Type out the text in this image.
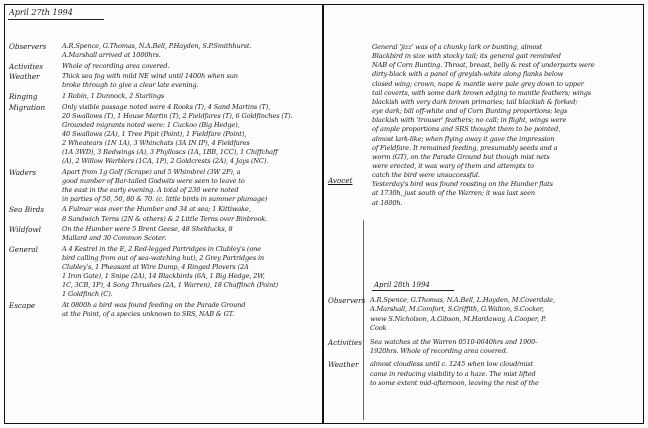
April 27th 1994
Observers A.R.Spence, G.Thomas, N.A.Bell, P.Hayden, S.P.Smithhurst.
A.Marshall arrived at 1000hrs.
Activities	Whole of recording area covered.
Weather	Thick sea fog with mild NE wind until 1400h when sun
broke through to give a clear late evening.
Ringing	1 Robin, 1 Dunnock, 2 Starlings
Migration	Only visible passage noted were 4 Rooks (T), 4 Sand Martins (T),
20 Swallows (T), 1 House Martin (T), 2 Fieldfares (T), 6 Goldfinches (T).
Grounded migrants noted were: 1 Cuckoo (Big Hedge),
40 Swallows (2A), 1 Tree Pipit (Point), 1 Fieldfare (Point),
2 Wheatears (1N 1A), 3 Whinchats (3A IN IP), 4 Fieldfares
(1A 3WD), 3 Redwings (A), 3 Phylloscs (1A, 1BB, 1CC), 1 Chiffchaff
(A), 2 Willow Warblers (1CA, 1P), 2 Goldcrests (2A), 4 Jays (NC).
Waders	Apart from 1g Golf (Scrape) and 5 Whimbrel (3W 2P), a
good number of Bar-tailed Godwits were seen to leave to
the east in the early evening. A total of 230 were noted
in parties of 50, 50, 80 & 70. (c. little birds in summer plumage)
Sea Birds	A Fulmar was over the Humber and 34 at sea; 1 Kittiwake,
8 Sandwich Terns (2N & others) & 2 Little Terns over Binbrook.
Wildfowl	On the Humber were 5 Brent Geese, 48 Shelducks, 8
Mallard and 30 Common Scoter.
General	A 4 Kestrel in the E, 2 Red-legged Partridges in Clubley's (one
bird calling from out of sea-watching hut), 2 Grey Partridges in
Clubley's, 1 Pheasant at Wire Dump, 4 Ringed Plovers (2A
1 Iron Gate), 1 Snipe (2A), 14 Blackbirds (6A, 1 Big Hedge, 2W,
1C, 3CB, 1P), 4 Song Thrushes (2A, 1 Warren), 18 Chaffinch (Point)
1 Goldfinch (C).
Escape	At 0800h a bird was found feeding on the Parade Ground
at the Point, of a species unknown to SRS, NAB & GT.
General 'jizz' was of a chunky lark or bunting, almost
Blackbird in size with stocky tail; its general gait reminded
NAB of Corn Bunting. Throat, breast, belly & rest of underparts were
dirty-black with a panel of greyish-white along flanks below
closed wing; crown, nape & mantle were pale grey down to upper
tail coverts, with some dark brown edging to mantle feathers; wings
blackish with very dark brown primaries; tail blackish & forked;
eye dark; bill off-white and of Corn Bunting proportions; legs
blackish with 'trouser' feathers; no call; in flight, wings were
of ample proportions and SRS thought them to be pointed,
almost lark-like; when flying away it gave the impression
of Fieldfare. It remained feeding, presumably seeds and a
worm (GT), on the Parade Ground but though mist nets
were erected, it was wary of them and attempts to
catch the bird were unsuccessful.
Yesterday's bird was found roosting on the Humber flats
at 1730h, just south of the Warren; it was last seen
at 1800h.
Avocet
April 28th 1994
Observers A.R.Spence, G.Thomas, N.A.Bell, L.Hayden, M.Coverdale,
A.Marshall, M.Comfort, S.Griffith, G.Walton, S.Cocker,
www S.Nicholson, A.Gibson, M.Hardaway, A.Cooper, P.
Cook
Activities Sea watches at the Warren 0510-0640hrs and 1900-
1920hrs. Whole of recording area covered.
Weather almost cloudless until c. 1245 when low cloud/mist
came in reducing visibility to a haze. The mist lifted
to some extent mid-afternoon, leaving the rest of the
